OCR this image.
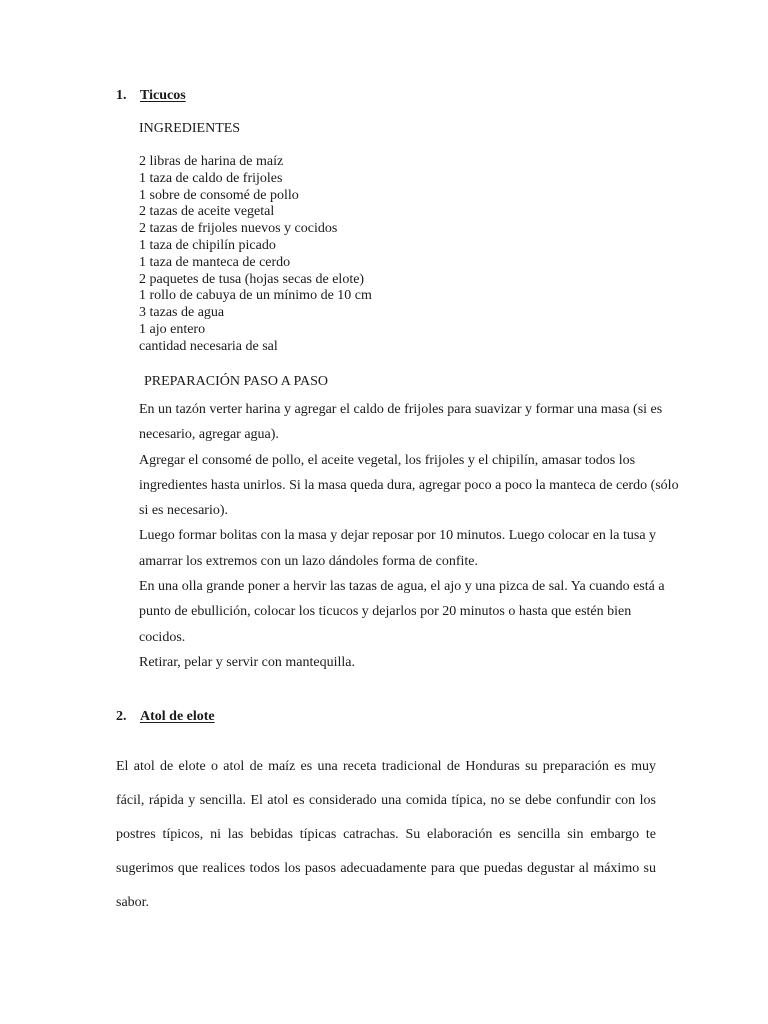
1. Ticucos
INGREDIENTES
2 libras de harina de maíz
1 taza de caldo de frijoles
1 sobre de consomé de pollo
2 tazas de aceite vegetal
2 tazas de frijoles nuevos y cocidos
1 taza de chipilín picado
1 taza de manteca de cerdo
2 paquetes de tusa (hojas secas de elote)
1 rollo de cabuya de un mínimo de 10 cm
3 tazas de agua
1 ajo entero
cantidad necesaria de sal
PREPARACIÓN PASO A PASO

En un tazón verter harina y agregar el caldo de frijoles para suavizar y formar una masa (si es necesario, agregar agua).

Agregar el consomé de pollo, el aceite vegetal, los frijoles y el chipilín, amasar todos los ingredientes hasta unirlos. Si la masa queda dura, agregar poco a poco la manteca de cerdo (sólo si es necesario).

Luego formar bolitas con la masa y dejar reposar por 10 minutos. Luego colocar en la tusa y amarrar los extremos con un lazo dándoles forma de confite.

En una olla grande poner a hervir las tazas de agua, el ajo y una pizca de sal. Ya cuando está a punto de ebullición, colocar los ticucos y dejarlos por 20 minutos o hasta que estén bien cocidos.

Retirar, pelar y servir con mantequilla.

2. Atol de elote

El atol de elote o atol de maíz es una receta tradicional de Honduras su preparación es muy fácil, rápida y sencilla. El atol es considerado una comida típica, no se debe confundir con los postres típicos, ni las bebidas típicas catrachas. Su elaboración es sencilla sin embargo te sugerimos que realices todos los pasos adecuadamente para que puedas degustar al máximo su sabor.
